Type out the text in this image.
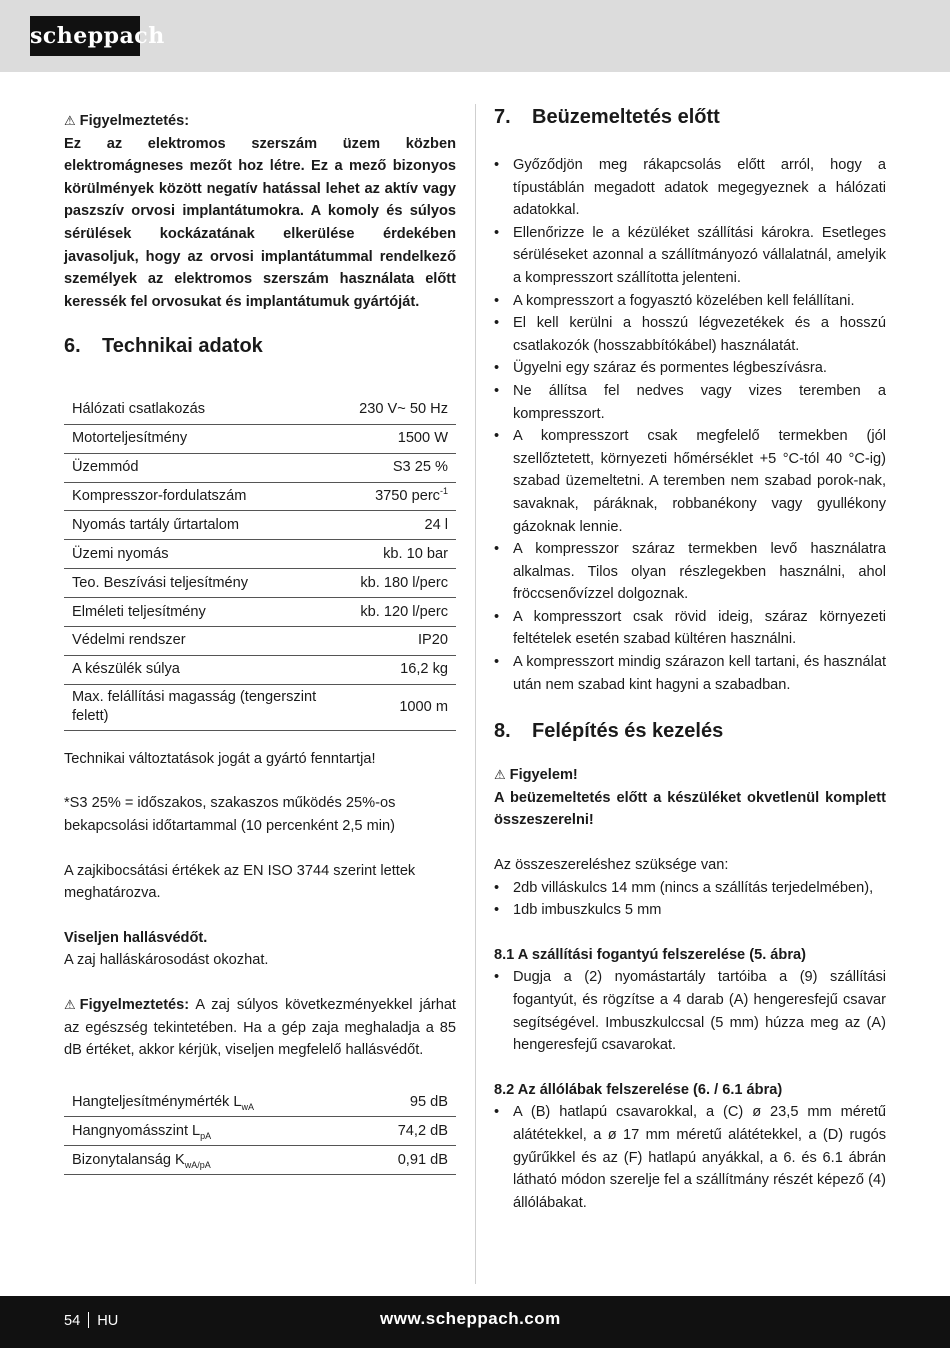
scheppach
⚠ Figyelmeztetés:

Ez az elektromos szerszám üzem közben elektromágneses mezőt hoz létre. Ez a mező bizonyos körülmények között negatív hatással lehet az aktív vagy paszszív orvosi implantátumokra. A komoly és súlyos sérülések kockázatának elkerülése érdekében javasoljuk, hogy az orvosi implantátummal rendelkező személyek az elektromos szerszám használata előtt keressék fel orvosukat és implantátumuk gyártóját.

6.	Technikai adatok
Hálózati csatlakozás	230 V~ 50 Hz
Motorteljesítmény	1500 W
Üzemmód	S3 25 %
Kompresszor-fordulatszám	3750 perc$^{-1}$
Nyomás tartály űrtartalom	24 l
Üzemi nyomás	kb. 10 bar
Teo. Beszívási teljesítmény	kb. 180 l/perc
Elméleti teljesítmény	kb. 120 l/perc
Védelmi rendszer	IP20
A készülék súlya	16,2 kg
Max. felállítási magasság (tengerszint felett)	1000 m

Technikai változtatások jogát a gyártó fenntartja!

*S3 25% = időszakos, szakaszos működés 25%-os bekapcsolási időtartammal (10 percenként 2,5 min)

A zajkibocsátási értékek az EN ISO 3744 szerint lettek meghatározva.

Viseljen hallásvédőt.

A zaj halláskárosodást okozhat.

⚠ Figyelmeztetés: A zaj súlyos következményekkel járhat az egészség tekintetében. Ha a gép zaja meghaladja a 85 dB értéket, akkor kérjük, viseljen megfelelő hallásvédőt.

Hangteljesítménymérték $L_{wA}$	95 dB
Hangnyomásszint $L_{pA}$	74,2 dB
Bizonytalanság $K_{wA/pA}$	0,91 dB
7.	Beüzemeltetés előtt
• Győződjön meg rákapcsolás előtt arról, hogy a típustáblán megadott adatok megegyeznek a hálózati adatokkal.
• Ellenőrizze le a kézüléket szállítási károkra. Esetleges sérüléseket azonnal a szállítmányozó vállalatnál, amelyik a kompresszort szállította jelenteni.
• A kompresszort a fogyasztó közelében kell felállítani.
• El kell kerülni a hosszú légvezetékek és a hosszú csatlakozók (hosszabbítókábel) használatát.
• Ügyelni egy száraz és pormentes légbeszívásra.
• Ne állítsa fel nedves vagy vizes teremben a kompresszort.
• A kompresszort csak megfelelő termekben (jól szellőztetett, környezeti hőmérséklet +5 °C-tól 40 °C-ig) szabad üzemeltetni. A teremben nem szabad porok-nak, savaknak, páráknak, robbanékony vagy gyullékony gázoknak lennie.
• A kompresszor száraz termekben levő használatra alkalmas. Tilos olyan részlegekben használni, ahol fröccsenővízzel dolgoznak.
• A kompresszort csak rövid ideig, száraz környezeti feltételek esetén szabad kültéren használni.
• A kompresszort mindig szárazon kell tartani, és használat után nem szabad kint hagyni a szabadban.
8.	Felépítés és kezelés
⚠ Figyelem!

A beüzemeltetés előtt a készüléket okvetlenül komplett összeszerelni!

Az összeszereléshez szüksége van:

• 2db villáskulcs 14 mm (nincs a szállítás terjedelmében),
• 1db imbuszkulcs 5 mm

8.1 A szállítási fogantyú felszerelése (5. ábra)

• Dugja a (2) nyomástartály tartóiba a (9) szállítási fogantyút, és rögzítse a 4 darab (A) hengeresfejű csavar segítségével. Imbuszkulccsal (5 mm) húzza meg az (A) hengeresfejű csavarokat.

8.2 Az állólábak felszerelése (6. / 6.1 ábra)

• A (B) hatlapú csavarokkal, a (C) ø 23,5 mm méretű alátétekkel, a ø 17 mm méretű alátétekkel, a (D) rugós gyűrűkkel és az (F) hatlapú anyákkal, a 6. és 6.1 ábrán látható módon szerelje fel a szállítmány részét képező (4) állólábakat.
54 HU	www.scheppach.com
